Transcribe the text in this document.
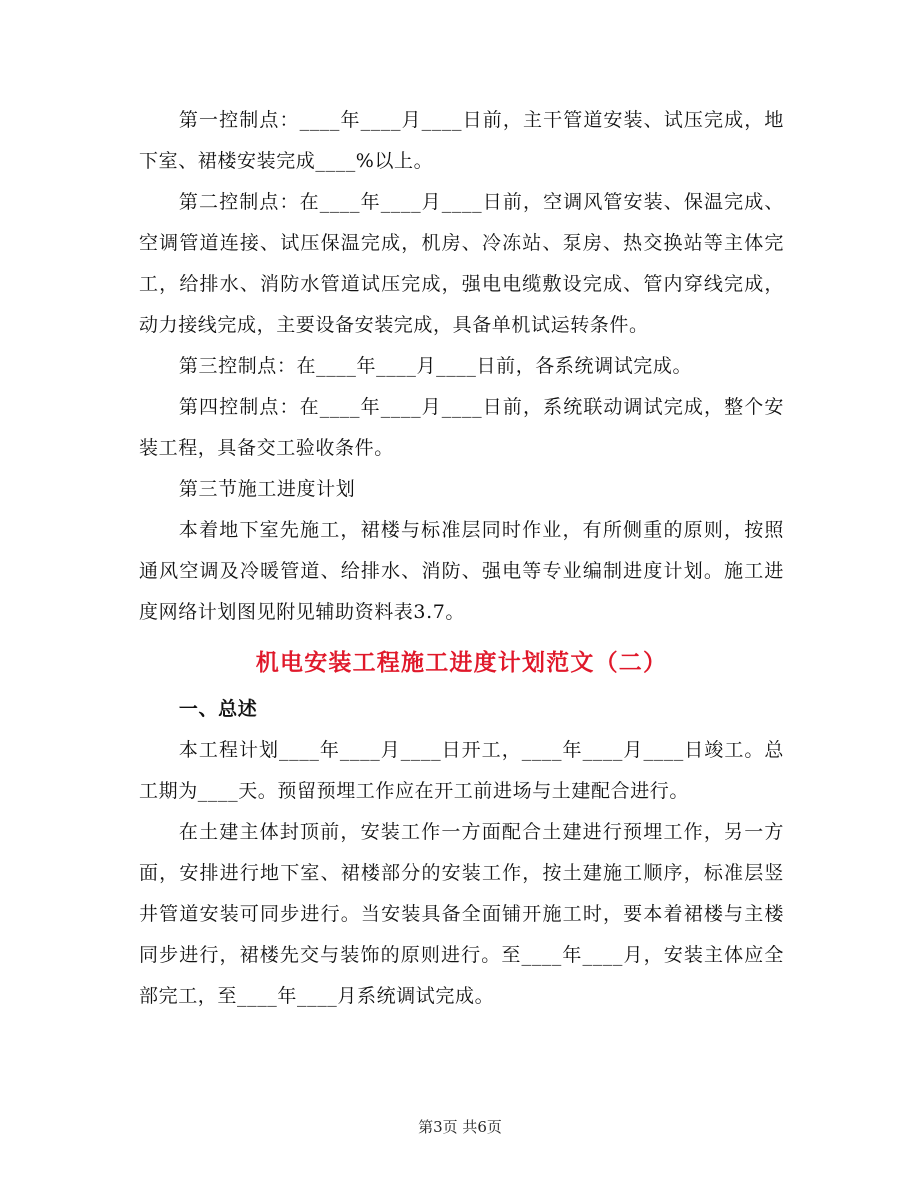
第一控制点：____年____月____日前，主干管道安装、试压完成，地下室、裙楼安装完成____%以上。

第二控制点：在____年____月____日前，空调风管安装、保温完成、空调管道连接、试压保温完成，机房、冷冻站、泵房、热交换站等主体完工，给排水、消防水管道试压完成，强电电缆敷设完成、管内穿线完成，动力接线完成，主要设备安装完成，具备单机试运转条件。

第三控制点：在____年____月____日前，各系统调试完成。

第四控制点：在____年____月____日前，系统联动调试完成，整个安装工程，具备交工验收条件。

第三节施工进度计划

本着地下室先施工，裙楼与标准层同时作业，有所侧重的原则，按照通风空调及冷暖管道、给排水、消防、强电等专业编制进度计划。施工进度网络计划图见附见辅助资料表3.7。

机电安装工程施工进度计划范文（二）

一、总述

本工程计划____年____月____日开工，____年____月____日竣工。总工期为____天。预留预埋工作应在开工前进场与土建配合进行。

在土建主体封顶前，安装工作一方面配合土建进行预埋工作，另一方面，安排进行地下室、裙楼部分的安装工作，按土建施工顺序，标准层竖井管道安装可同步进行。当安装具备全面铺开施工时，要本着裙楼与主楼同步进行，裙楼先交与装饰的原则进行。至____年____月，安装主体应全部完工，至____年____月系统调试完成。

第3页 共6页
